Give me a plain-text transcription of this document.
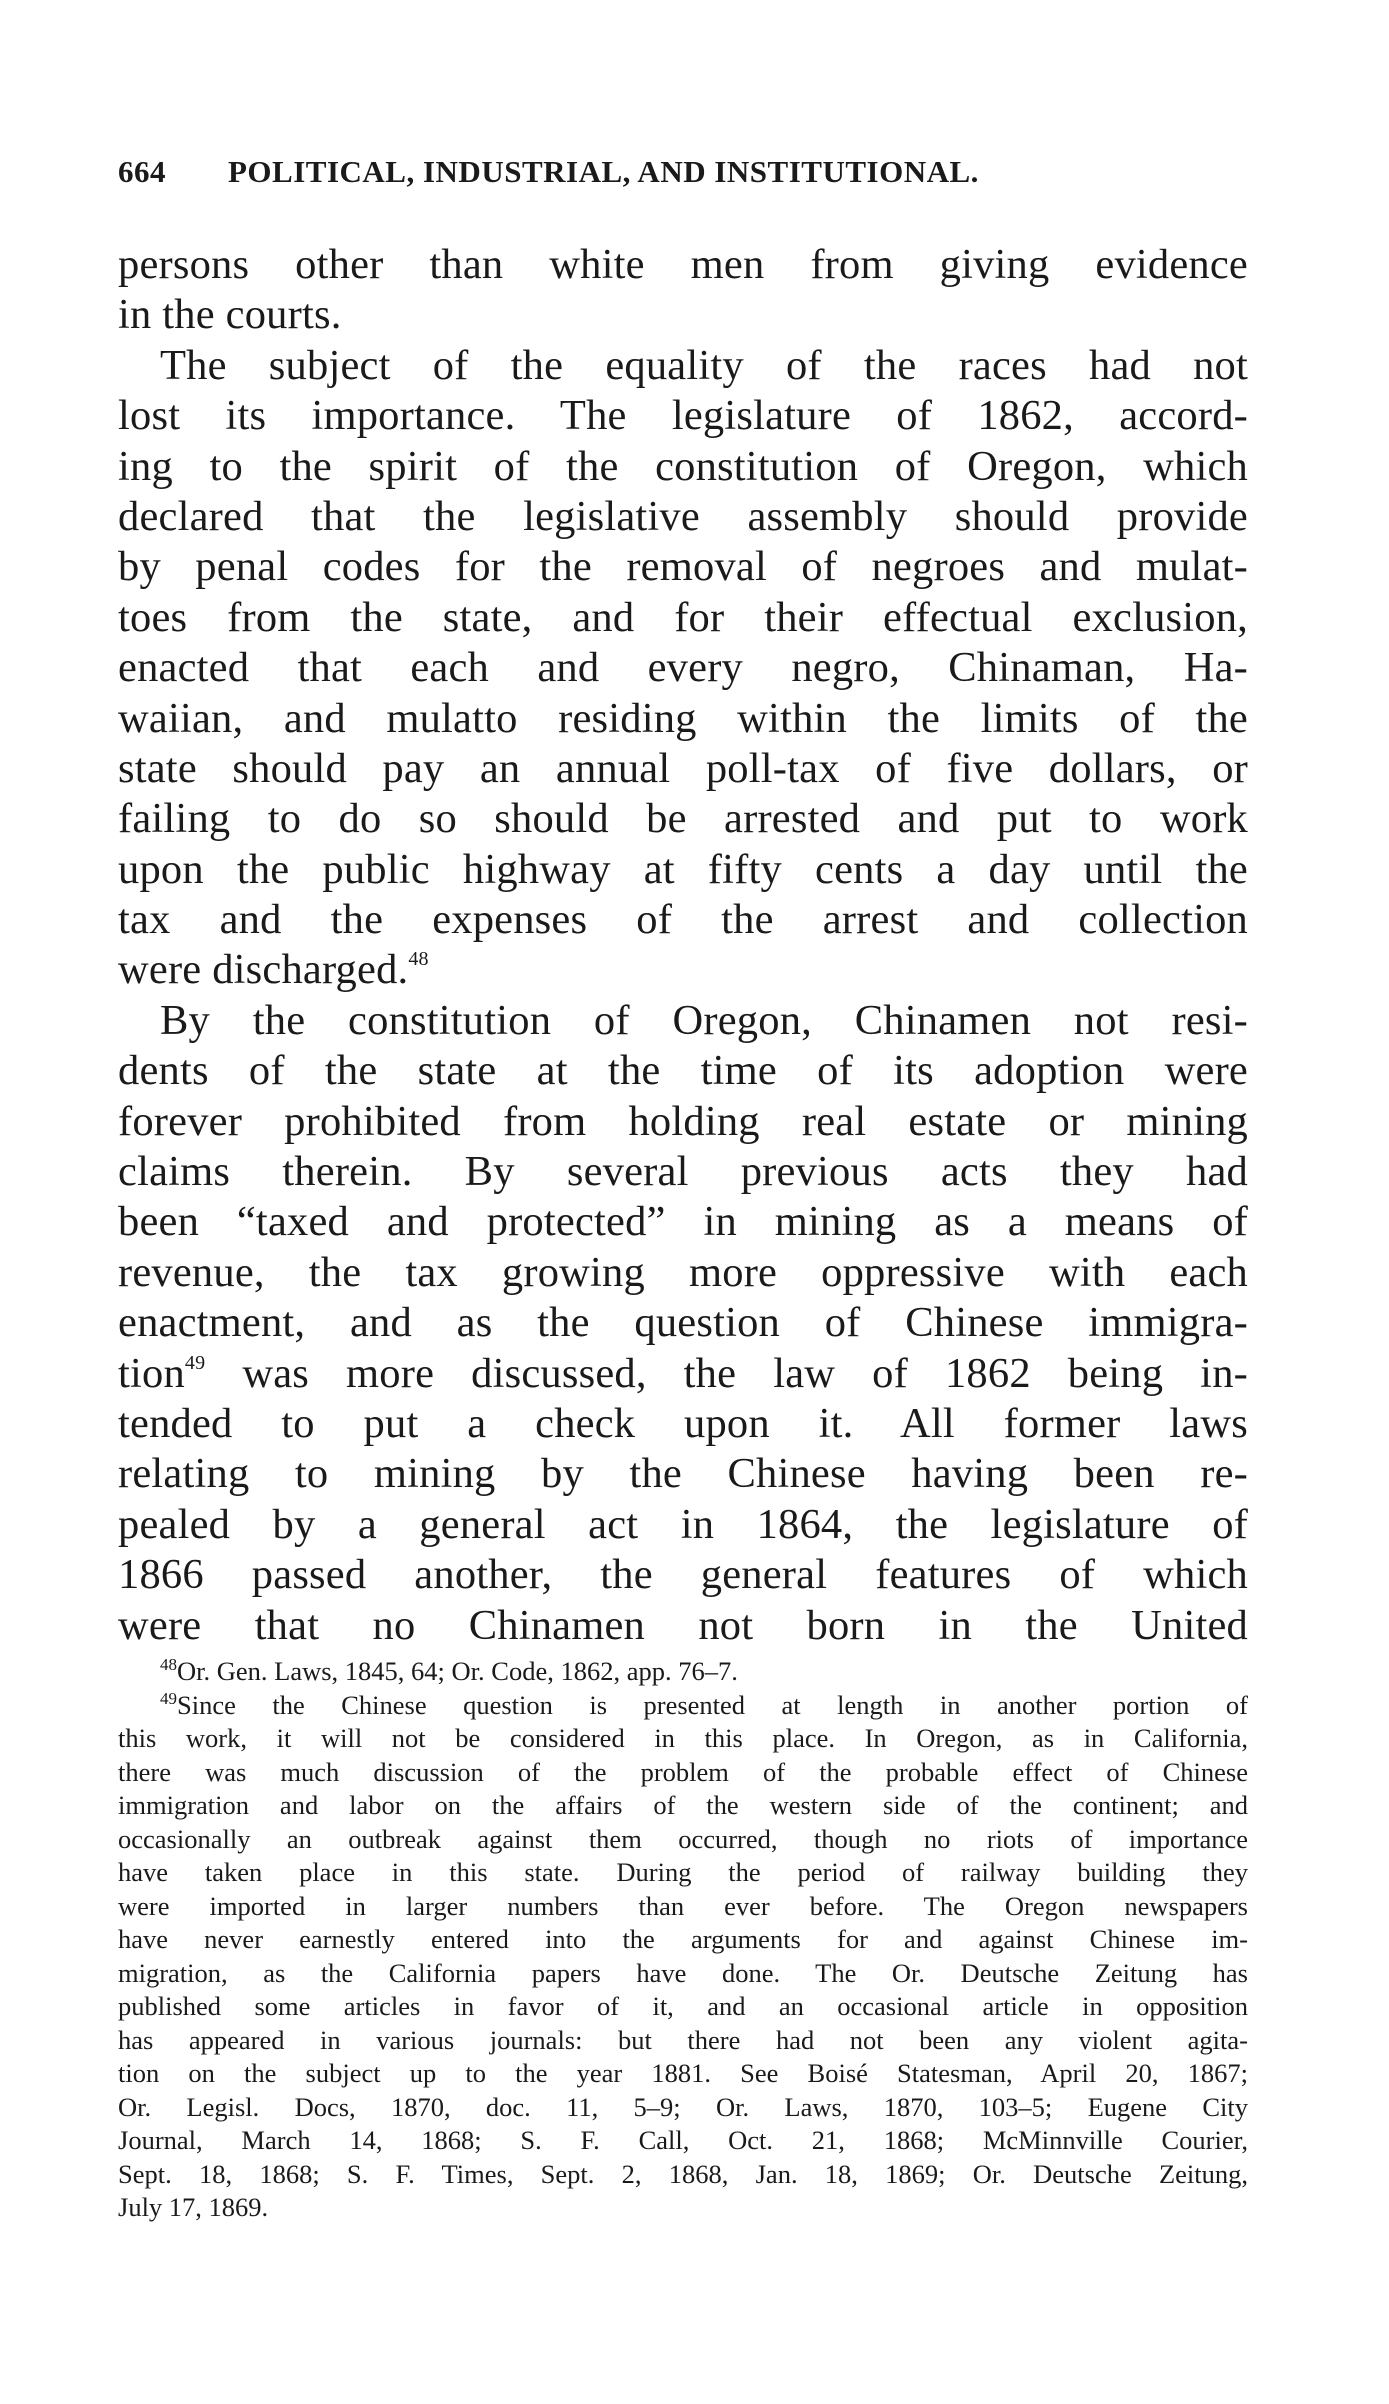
664 POLITICAL, INDUSTRIAL, AND INSTITUTIONAL.
persons other than white men from giving evidence
in the courts.
The subject of the equality of the races had not
lost its importance. The legislature of 1862, accord-
ing to the spirit of the constitution of Oregon, which
declared that the legislative assembly should provide
by penal codes for the removal of negroes and mulat-
toes from the state, and for their effectual exclusion,
enacted that each and every negro, Chinaman, Ha-
waiian, and mulatto residing within the limits of the
state should pay an annual poll-tax of five dollars, or
failing to do so should be arrested and put to work
upon the public highway at fifty cents a day until the
tax and the expenses of the arrest and collection
were discharged.$^{48}$
By the constitution of Oregon, Chinamen not resi-
dents of the state at the time of its adoption were
forever prohibited from holding real estate or mining
claims therein. By several previous acts they had
been “taxed and protected” in mining as a means of
revenue, the tax growing more oppressive with each
enactment, and as the question of Chinese immigra-
tion$^{49}$ was more discussed, the law of 1862 being in-
tended to put a check upon it. All former laws
relating to mining by the Chinese having been re-
pealed by a general act in 1864, the legislature of
1866 passed another, the general features of which
were that no Chinamen not born in the United
$^{48}$Or. Gen. Laws, 1845, 64; Or. Code, 1862, app. 76–7.
$^{49}$Since the Chinese question is presented at length in another portion of
this work, it will not be considered in this place. In Oregon, as in California,
there was much discussion of the problem of the probable effect of Chinese
immigration and labor on the affairs of the western side of the continent; and
occasionally an outbreak against them occurred, though no riots of importance
have taken place in this state. During the period of railway building they
were imported in larger numbers than ever before. The Oregon newspapers
have never earnestly entered into the arguments for and against Chinese im-
migration, as the California papers have done. The Or. Deutsche Zeitung has
published some articles in favor of it, and an occasional article in opposition
has appeared in various journals: but there had not been any violent agita-
tion on the subject up to the year 1881. See Boisé Statesman, April 20, 1867;
Or. Legisl. Docs, 1870, doc. 11, 5–9; Or. Laws, 1870, 103–5; Eugene City
Journal, March 14, 1868; S. F. Call, Oct. 21, 1868; McMinnville Courier,
Sept. 18, 1868; S. F. Times, Sept. 2, 1868, Jan. 18, 1869; Or. Deutsche Zeitung,
July 17, 1869.
